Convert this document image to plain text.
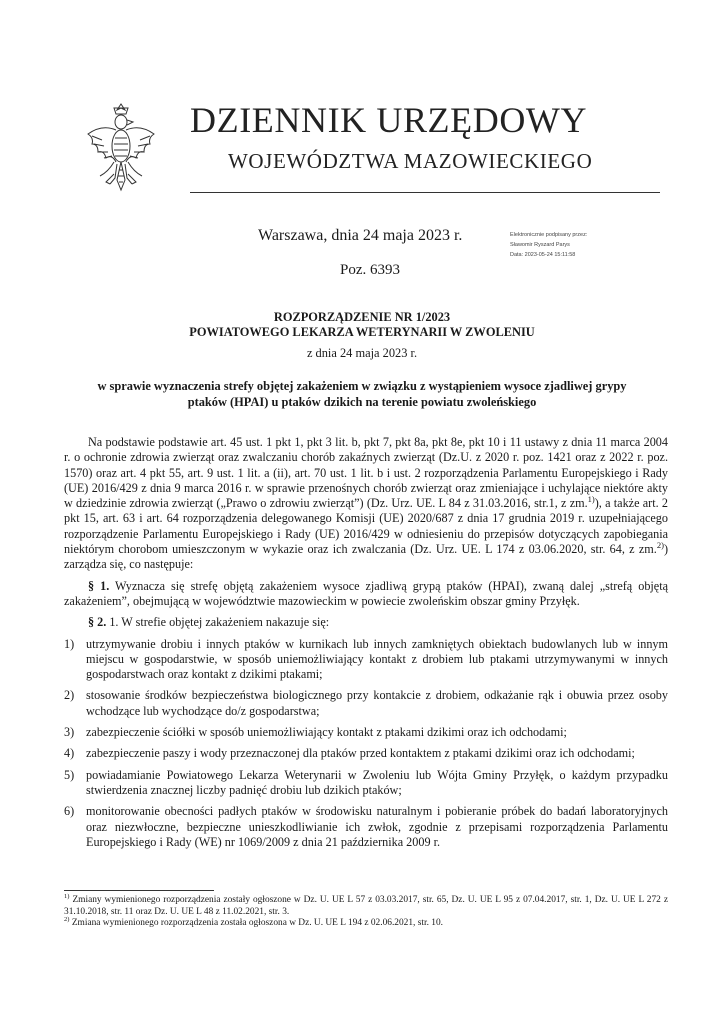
DZIENNIK URZĘDOWY
WOJEWÓDZTWA MAZOWIECKIEGO
Warszawa, dnia 24 maja 2023 r.
Poz. 6393
Elektronicznie podpisany przez:
Sławomir Ryszard Parys
Data: 2023-05-24 15:11:58
ROZPORZĄDZENIE NR 1/2023
POWIATOWEGO LEKARZA WETERYNARII W ZWOLENIU
z dnia 24 maja 2023 r.
w sprawie wyznaczenia strefy objętej zakażeniem w związku z wystąpieniem wysoce zjadliwej grypy ptaków (HPAI) u ptaków dzikich na terenie powiatu zwoleńskiego

Na podstawie podstawie art. 45 ust. 1 pkt 1, pkt 3 lit. b, pkt 7, pkt 8a, pkt 8e, pkt 10 i 11 ustawy z dnia 11 marca 2004 r. o ochronie zdrowia zwierząt oraz zwalczaniu chorób zakaźnych zwierząt (Dz.U. z 2020 r. poz. 1421 oraz z 2022 r. poz. 1570) oraz art. 4 pkt 55, art. 9 ust. 1 lit. a (ii), art. 70 ust. 1 lit. b i ust. 2 rozporządzenia Parlamentu Europejskiego i Rady (UE) 2016/429 z dnia 9 marca 2016 r. w sprawie przenośnych chorób zwierząt oraz zmieniające i uchylające niektóre akty w dziedzinie zdrowia zwierząt („Prawo o zdrowiu zwierząt”) (Dz. Urz. UE. L 84 z 31.03.2016, str.1, z zm.$^{1)}$), a także art. 2 pkt 15, art. 63 i art. 64 rozporządzenia delegowanego Komisji (UE) 2020/687 z dnia 17 grudnia 2019 r. uzupełniającego rozporządzenie Parlamentu Europejskiego i Rady (UE) 2016/429 w odniesieniu do przepisów dotyczących zapobiegania niektórym chorobom umieszczonym w wykazie oraz ich zwalczania (Dz. Urz. UE. L 174 z 03.06.2020, str. 64, z zm.$^{2)}$) zarządza się, co następuje:

§ 1. Wyznacza się strefę objętą zakażeniem wysoce zjadliwą grypą ptaków (HPAI), zwaną dalej „strefą objętą zakażeniem”, obejmującą w województwie mazowieckim w powiecie zwoleńskim obszar gminy Przyłęk.

§ 2. 1. W strefie objętej zakażeniem nakazuje się:

1) utrzymywanie drobiu i innych ptaków w kurnikach lub innych zamkniętych obiektach budowlanych lub w innym miejscu w gospodarstwie, w sposób uniemożliwiający kontakt z drobiem lub ptakami utrzymywanymi w innych gospodarstwach oraz kontakt z dzikimi ptakami;
2) stosowanie środków bezpieczeństwa biologicznego przy kontakcie z drobiem, odkażanie rąk i obuwia przez osoby wchodzące lub wychodzące do/z gospodarstwa;
3) zabezpieczenie ściółki w sposób uniemożliwiający kontakt z ptakami dzikimi oraz ich odchodami;
4) zabezpieczenie paszy i wody przeznaczonej dla ptaków przed kontaktem z ptakami dzikimi oraz ich odchodami;
5) powiadamianie Powiatowego Lekarza Weterynarii w Zwoleniu lub Wójta Gminy Przyłęk, o każdym przypadku stwierdzenia znacznej liczby padnięć drobiu lub dzikich ptaków;
6) monitorowanie obecności padłych ptaków w środowisku naturalnym i pobieranie próbek do badań laboratoryjnych oraz niezwłoczne, bezpieczne unieszkodliwianie ich zwłok, zgodnie z przepisami rozporządzenia Parlamentu Europejskiego i Rady (WE) nr 1069/2009 z dnia 21 października 2009 r.
$^{1)}$ Zmiany wymienionego rozporządzenia zostały ogłoszone w Dz. U. UE L 57 z 03.03.2017, str. 65, Dz. U. UE L 95 z 07.04.2017, str. 1, Dz. U. UE L 272 z 31.10.2018, str. 11 oraz Dz. U. UE L 48 z 11.02.2021, str. 3.
$^{2)}$ Zmiana wymienionego rozporządzenia została ogłoszona w Dz. U. UE L 194 z 02.06.2021, str. 10.
